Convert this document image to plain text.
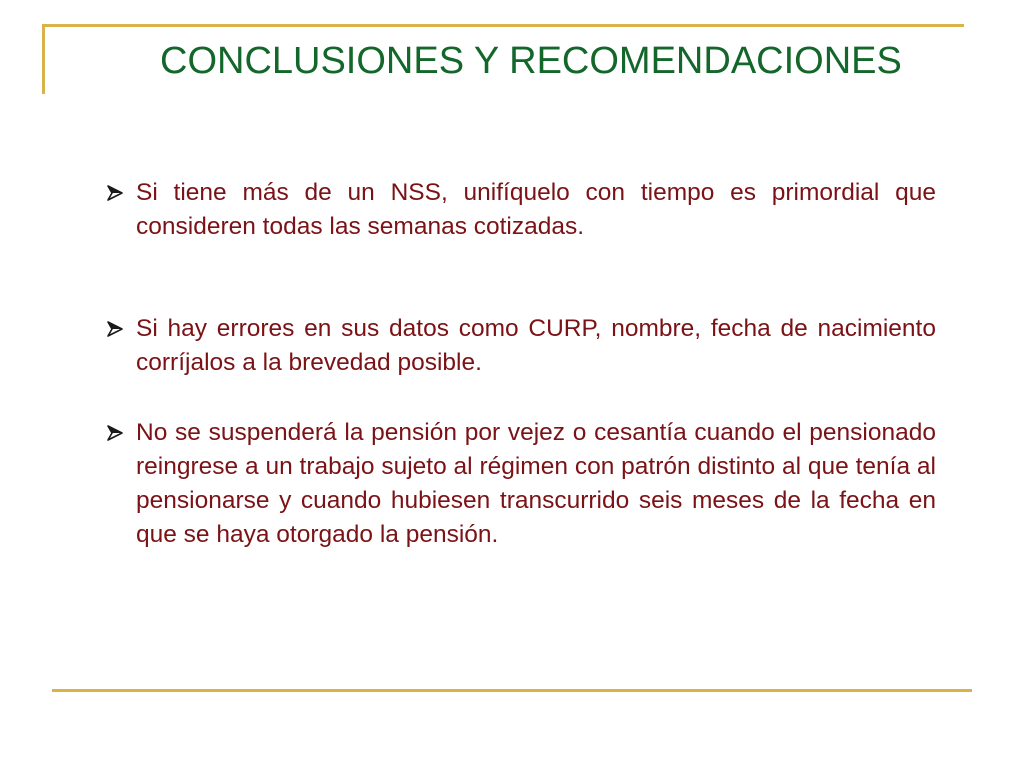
CONCLUSIONES Y RECOMENDACIONES

Si tiene más de un NSS, unifíquelo con tiempo es primordial que consideren todas las semanas cotizadas.

Si hay errores en sus datos como CURP, nombre, fecha de nacimiento corríjalos a la brevedad posible.

No se suspenderá la pensión por vejez o cesantía cuando el pensionado reingrese a un trabajo sujeto al régimen con patrón distinto al que tenía al pensionarse y cuando hubiesen transcurrido seis meses de la fecha en que se haya otorgado la pensión.
